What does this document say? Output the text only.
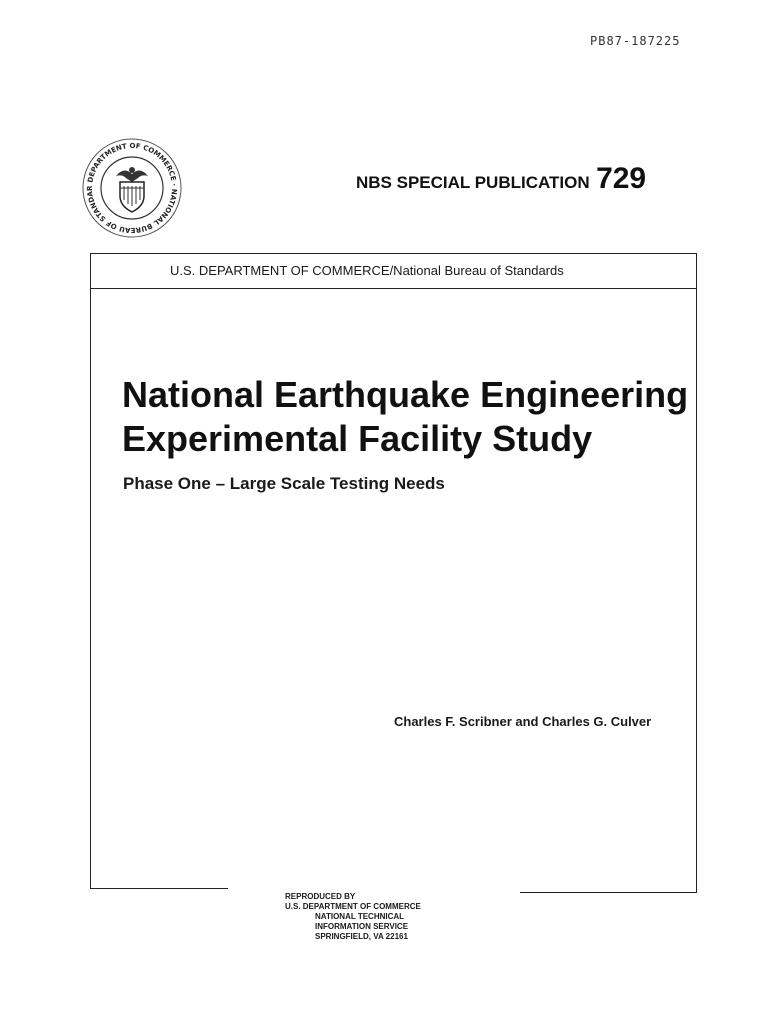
PB87-187225
DEPARTMENT OF COMMERCE · NATIONAL BUREAU OF STANDAR	NBS SPECIAL PUBLICATION 729
U.S. DEPARTMENT OF COMMERCE/National Bureau of Standards
National Earthquake Engineering
Experimental Facility Study
Phase One – Large Scale Testing Needs
Charles F. Scribner and Charles G. Culver
REPRODUCED BY
U.S. DEPARTMENT OF COMMERCE
NATIONAL TECHNICAL
INFORMATION SERVICE
SPRINGFIELD, VA 22161
